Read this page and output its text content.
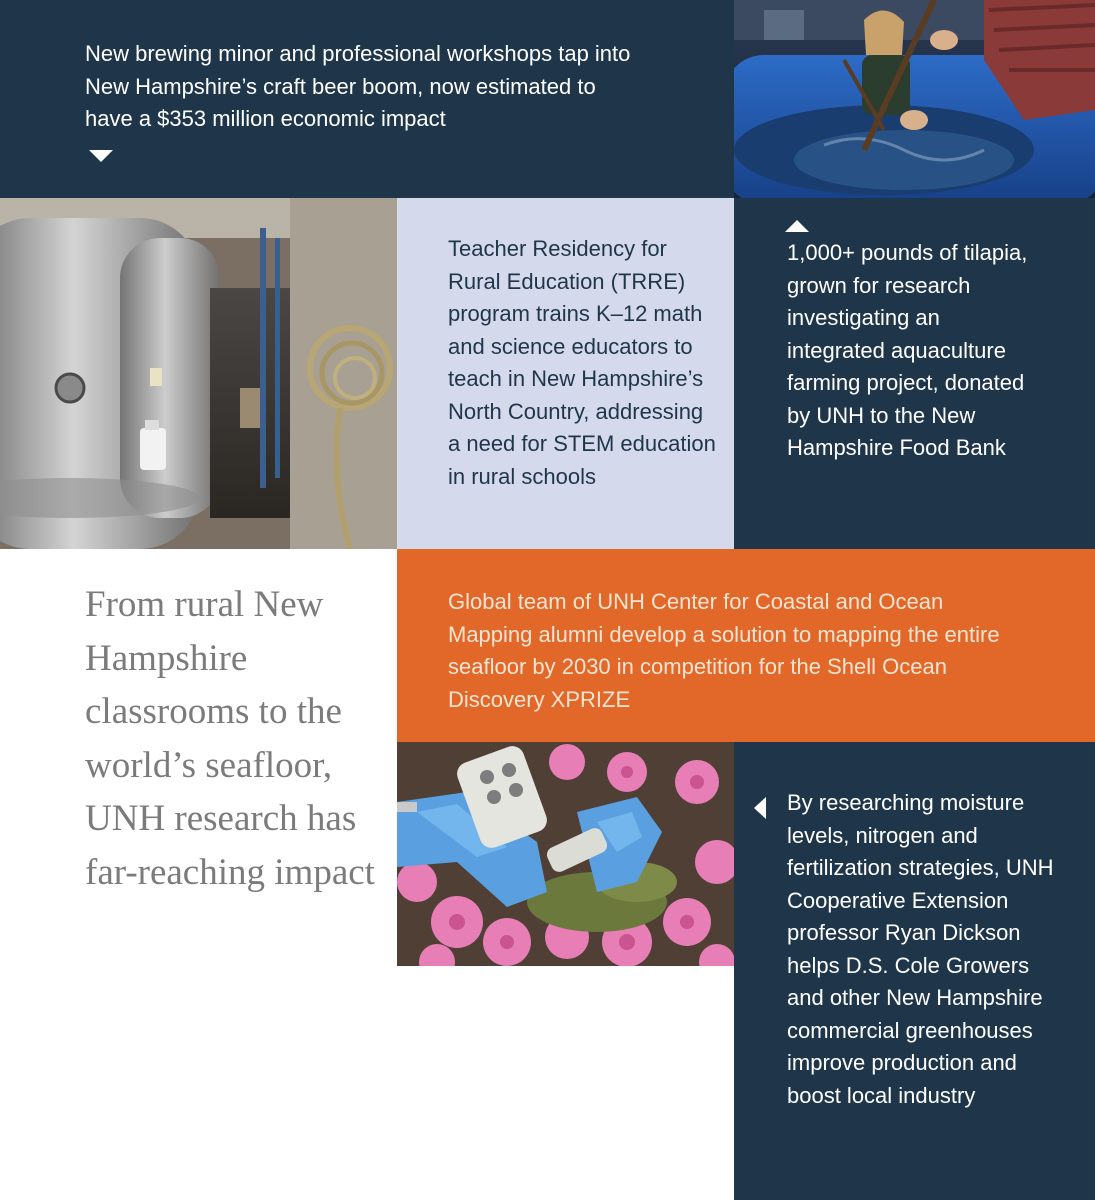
New brewing minor and professional workshops tap into New Hampshire’s craft beer boom, now estimated to have a $353 million economic impact

Teacher Residency for Rural Education (TRRE) program trains K–12 math and science educators to teach in New Hampshire’s North Country, addressing a need for STEM education in rural schools

1,000+ pounds of tilapia, grown for research investigating an integrated aquaculture farming project, donated by UNH to the New Hampshire Food Bank

From rural New Hampshire classrooms to the world’s seafloor, UNH research has far-reaching impact

Global team of UNH Center for Coastal and Ocean Mapping alumni develop a solution to mapping the entire seafloor by 2030 in competition for the Shell Ocean Discovery XPRIZE

By researching moisture levels, nitrogen and fertilization strategies, UNH Cooperative Extension professor Ryan Dickson helps D.S. Cole Growers and other New Hampshire commercial greenhouses improve production and boost local industry
